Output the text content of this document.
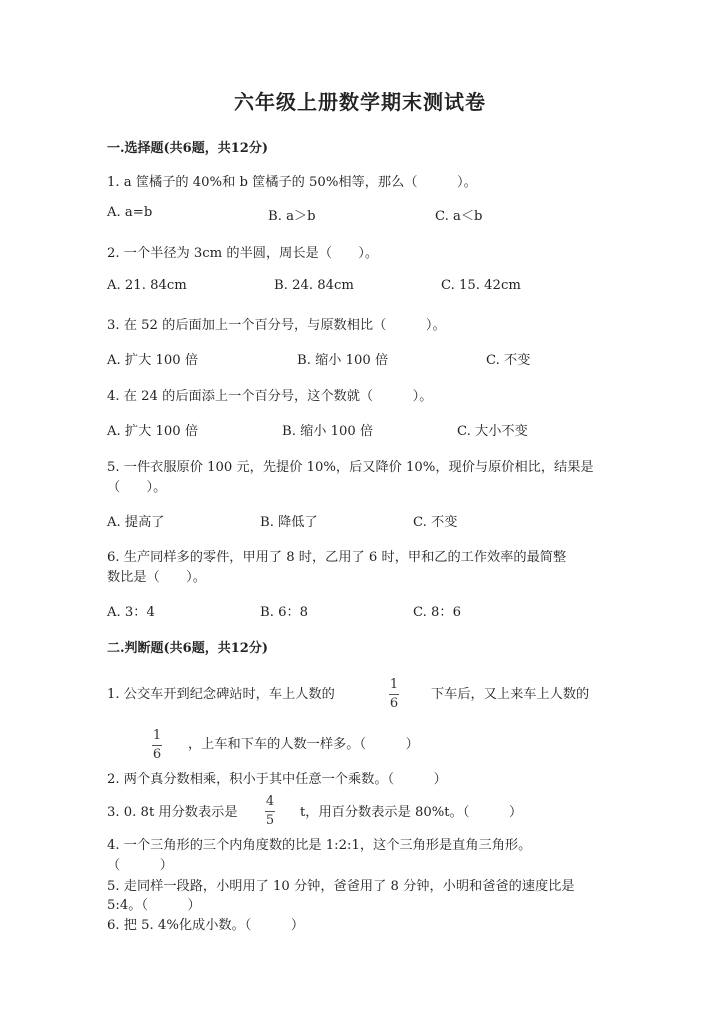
六年级上册数学期末测试卷
一.选择题(共6题，共12分)
1. a 筐橘子的 40%和 b 筐橘子的 50%相等，那么（　　　）。
A. a=b	B. a＞b	C. a＜b
2. 一个半径为 3cm 的半圆，周长是（　　）。
A. 21. 84cm	B. 24. 84cm	C. 15. 42cm
3. 在 52 的后面加上一个百分号，与原数相比（　　　）。
A. 扩大 100 倍	B. 缩小 100 倍	C. 不变
4. 在 24 的后面添上一个百分号，这个数就（　　　）。
A. 扩大 100 倍	B. 缩小 100 倍	C. 大小不变
5. 一件衣服原价 100 元，先提价 10%，后又降价 10%，现价与原价相比，结果是
（　　）。
A. 提高了	B. 降低了	C. 不变
6. 生产同样多的零件，甲用了 8 时，乙用了 6 时，甲和乙的工作效率的最简整
数比是（　　）。
A. 3：4	B. 6：8	C. 8：6
二.判断题(共6题，共12分)
1. 公交车开到纪念碑站时，车上人数的
1
6
下车后，又上来车上人数的
1
6
，上车和下车的人数一样多。（　　　）
2. 两个真分数相乘，积小于其中任意一个乘数。（　　　）
3. 0. 8t 用分数表示是
4
5
t，用百分数表示是 80%t。（　　　）
4. 一个三角形的三个内角度数的比是 1:2:1，这个三角形是直角三角形。
（　　　）
5. 走同样一段路，小明用了 10 分钟，爸爸用了 8 分钟，小明和爸爸的速度比是
5:4。（　　　）
6. 把 5. 4%化成小数。（　　　）
